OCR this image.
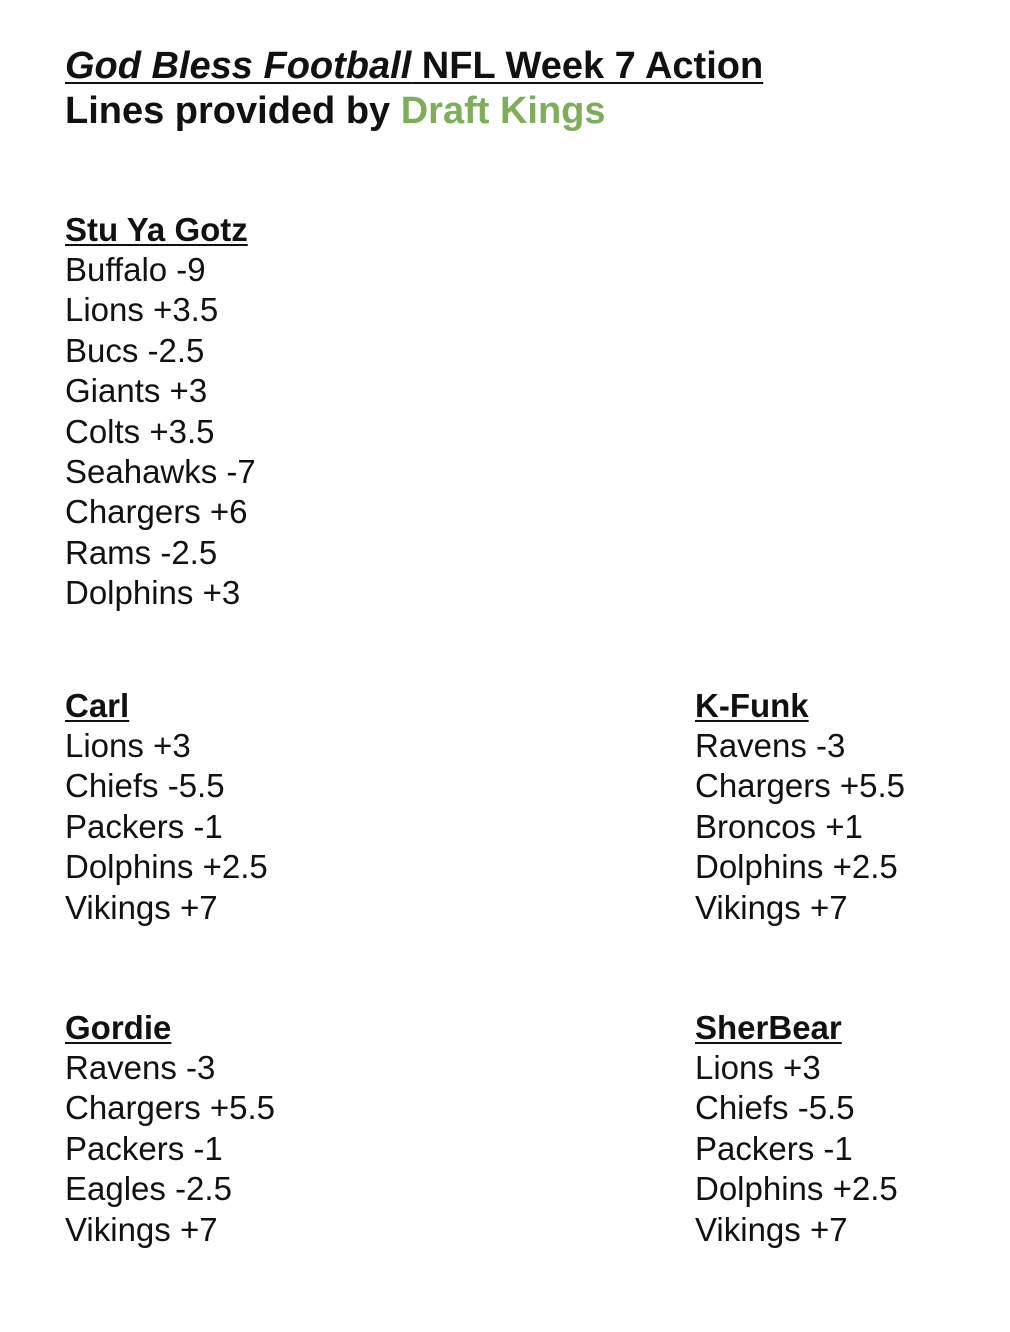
God Bless Football NFL Week 7 Action
Lines provided by Draft Kings
Stu Ya Gotz
Buffalo -9
Lions +3.5
Bucs -2.5
Giants +3
Colts +3.5
Seahawks -7
Chargers +6
Rams -2.5
Dolphins +3
Carl
Lions +3
Chiefs -5.5
Packers -1
Dolphins +2.5
Vikings +7
K-Funk
Ravens -3
Chargers +5.5
Broncos +1
Dolphins +2.5
Vikings +7
Gordie
Ravens -3
Chargers +5.5
Packers -1
Eagles -2.5
Vikings +7
SherBear
Lions +3
Chiefs -5.5
Packers -1
Dolphins +2.5
Vikings +7
